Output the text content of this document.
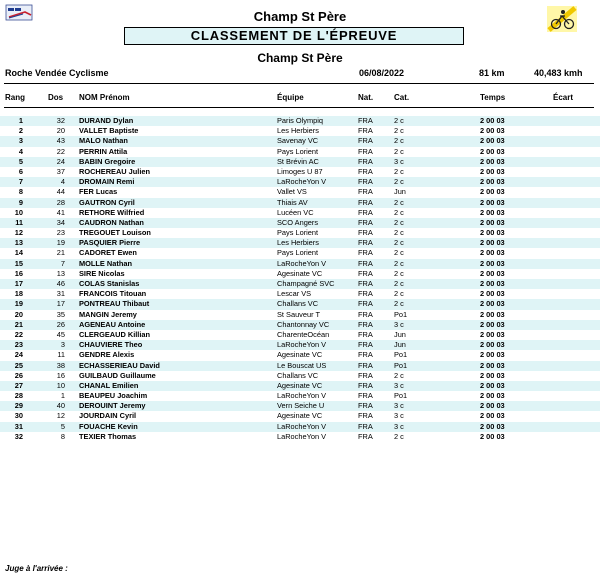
Champ St Père
CLASSEMENT DE L'ÉPREUVE
Champ St Père
Roche Vendée Cyclisme	06/08/2022	81 km	40,483 kmh
Rang	Dos NOM Prénom	Équipe	Nat.	Cat.	Temps	Écart
1	32 DURAND Dylan	Paris Olympiq	FRA	2 c	2 00 03
2	20 VALLET Baptiste	Les Herbiers	FRA	2 c	2 00 03
3	43 MALO Nathan	Savenay VC	FRA	2 c	2 00 03
4	22 PERRIN Attila	Pays Lorient	FRA	2 c	2 00 03
5	24 BABIN Gregoire	St Brévin AC	FRA	3 c	2 00 03
6	37 ROCHEREAU Julien	Limoges U 87	FRA	2 c	2 00 03
7	4 DROMAIN Remi	LaRocheYon V	FRA	2 c	2 00 03
8	44 FER Lucas	Vallet VS	FRA	Jun	2 00 03
9	28 GAUTRON Cyril	Thiais AV	FRA	2 c	2 00 03
10	41 RETHORE Wilfried	Lucéen VC	FRA	2 c	2 00 03
11	34 CAUDRON Nathan	SCO Angers	FRA	2 c	2 00 03
12	23 TREGOUET Louison	Pays Lorient	FRA	2 c	2 00 03
13	19 PASQUIER Pierre	Les Herbiers	FRA	2 c	2 00 03
14	21 CADORET Ewen	Pays Lorient	FRA	2 c	2 00 03
15	7 MOLLE Nathan	LaRocheYon V	FRA	2 c	2 00 03
16	13 SIRE Nicolas	Agesinate VC	FRA	2 c	2 00 03
17	46 COLAS Stanislas	Champagné SVC	FRA	2 c	2 00 03
18	31 FRANCOIS Titouan	Lescar VS	FRA	2 c	2 00 03
19	17 PONTREAU Thibaut	Challans VC	FRA	2 c	2 00 03
20	35 MANGIN Jeremy	St Sauveur T	FRA	Po1	2 00 03
21	26 AGENEAU Antoine	Chantonnay VC	FRA	3 c	2 00 03
22	45 CLERGEAUD Killian	CharenteOcéan	FRA	Jun	2 00 03
23	3 CHAUVIERE Theo	LaRocheYon V	FRA	Jun	2 00 03
24	11 GENDRE Alexis	Agesinate VC	FRA	Po1	2 00 03
25	38 ECHASSERIEAU David	Le Bouscat US	FRA	Po1	2 00 03
26	16 GUILBAUD Guillaume	Challans VC	FRA	2 c	2 00 03
27	10 CHANAL Emilien	Agesinate VC	FRA	3 c	2 00 03
28	1 BEAUPEU Joachim	LaRocheYon V	FRA	Po1	2 00 03
29	40 DEROUINT Jeremy	Vern Seiche U	FRA	3 c	2 00 03
30	12 JOURDAIN Cyril	Agesinate VC	FRA	3 c	2 00 03
31	5 FOUACHE Kevin	LaRocheYon V	FRA	3 c	2 00 03
32	8 TEXIER Thomas	LaRocheYon V	FRA	2 c	2 00 03
Juge à l'arrivée :
